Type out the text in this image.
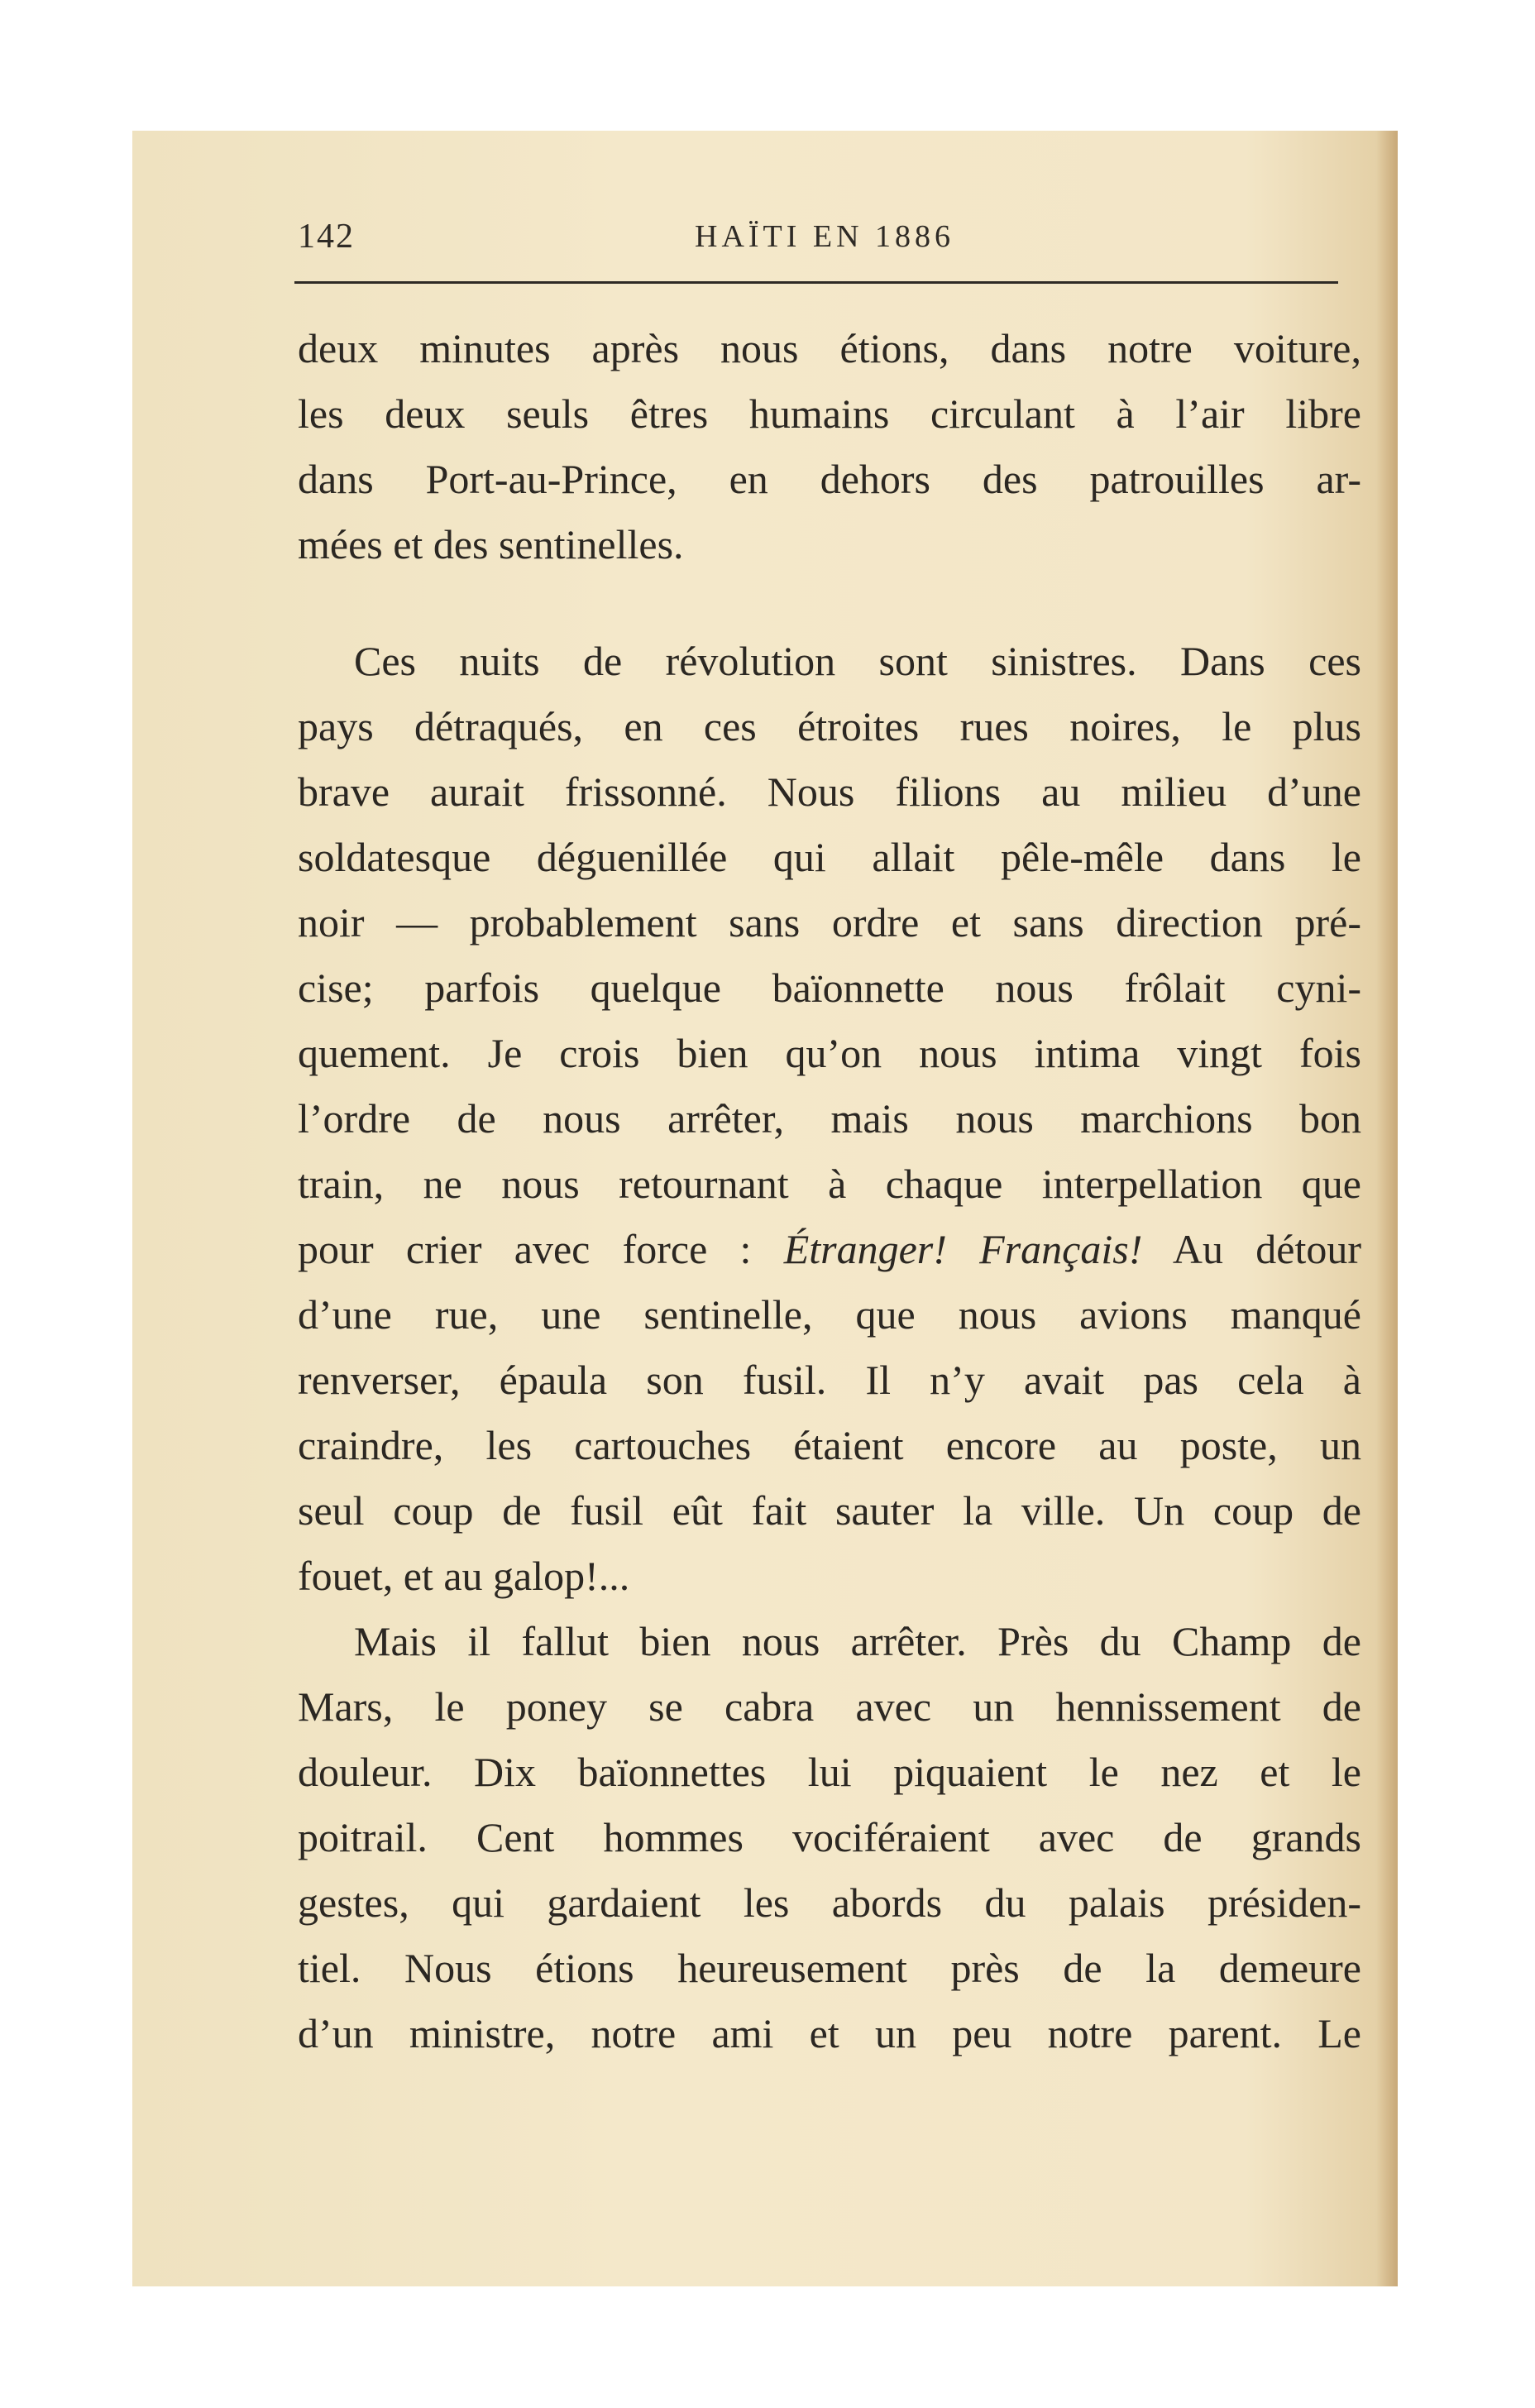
142	HAÏTI EN 1886
deux minutes après nous étions, dans notre voiture,
les deux seuls êtres humains circulant à l’air libre
dans Port-au-Prince, en dehors des patrouilles ar-
mées et des sentinelles.
Ces nuits de révolution sont sinistres. Dans ces
pays détraqués, en ces étroites rues noires, le plus
brave aurait frissonné. Nous filions au milieu d’une
soldatesque déguenillée qui allait pêle-mêle dans le
noir — probablement sans ordre et sans direction pré-
cise; parfois quelque baïonnette nous frôlait cyni-
quement. Je crois bien qu’on nous intima vingt fois
l’ordre de nous arrêter, mais nous marchions bon
train, ne nous retournant à chaque interpellation que
pour crier avec force : Étranger! Français! Au détour
d’une rue, une sentinelle, que nous avions manqué
renverser, épaula son fusil. Il n’y avait pas cela à
craindre, les cartouches étaient encore au poste, un
seul coup de fusil eût fait sauter la ville. Un coup de
fouet, et au galop!...
Mais il fallut bien nous arrêter. Près du Champ de
Mars, le poney se cabra avec un hennissement de
douleur. Dix baïonnettes lui piquaient le nez et le
poitrail. Cent hommes vociféraient avec de grands
gestes, qui gardaient les abords du palais présiden-
tiel. Nous étions heureusement près de la demeure
d’un ministre, notre ami et un peu notre parent. Le
